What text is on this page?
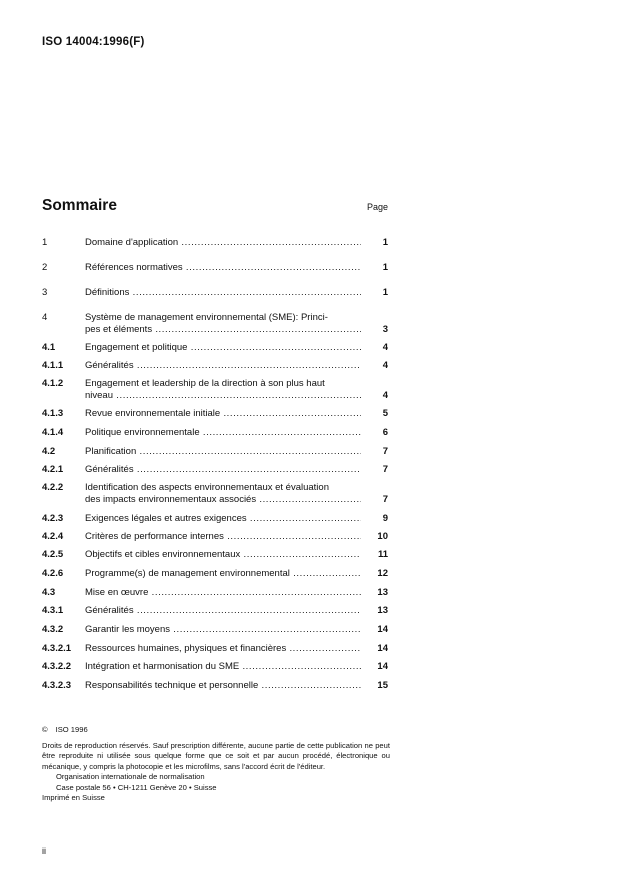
ISO 14004:1996(F)
Sommaire	Page
1	Domaine d'application .....	1
2	Références normatives .....	1
3	Définitions .....	1
4	Système de management environnemental (SME): Princi-
pes et éléments .....	3
4.1	Engagement et politique .....	4
4.1.1 Généralités .....	4
4.1.2 Engagement et leadership de la direction à son plus haut
niveau .....	4
4.1.3 Revue environnementale initiale .....	5
4.1.4 Politique environnementale .....	6
4.2	Planification .....	7
4.2.1 Généralités .....	7
4.2.2 Identification des aspects environnementaux et évaluation
des impacts environnementaux associés .....	7
4.2.3 Exigences légales et autres exigences .....	9
4.2.4 Critères de performance internes .....	10
4.2.5 Objectifs et cibles environnementaux .....	11
4.2.6 Programme(s) de management environnemental .....	12
4.3	Mise en œuvre .....	13
4.3.1 Généralités .....	13
4.3.2 Garantir les moyens .....	14
4.3.2.1 Ressources humaines, physiques et financières .....	14
4.3.2.2 Intégration et harmonisation du SME .....	14
4.3.2.3 Responsabilités technique et personnelle .....	15
© ISO 1996
Droits de reproduction réservés. Sauf prescription différente, aucune partie de cette publication ne peut être reproduite ni utilisée sous quelque forme que ce soit et par aucun procédé, électronique ou mécanique, y compris la photocopie et les microfilms, sans l'accord écrit de l'éditeur.
Organisation internationale de normalisation
Case postale 56 • CH-1211 Genève 20 • Suisse
Imprimé en Suisse
ii
